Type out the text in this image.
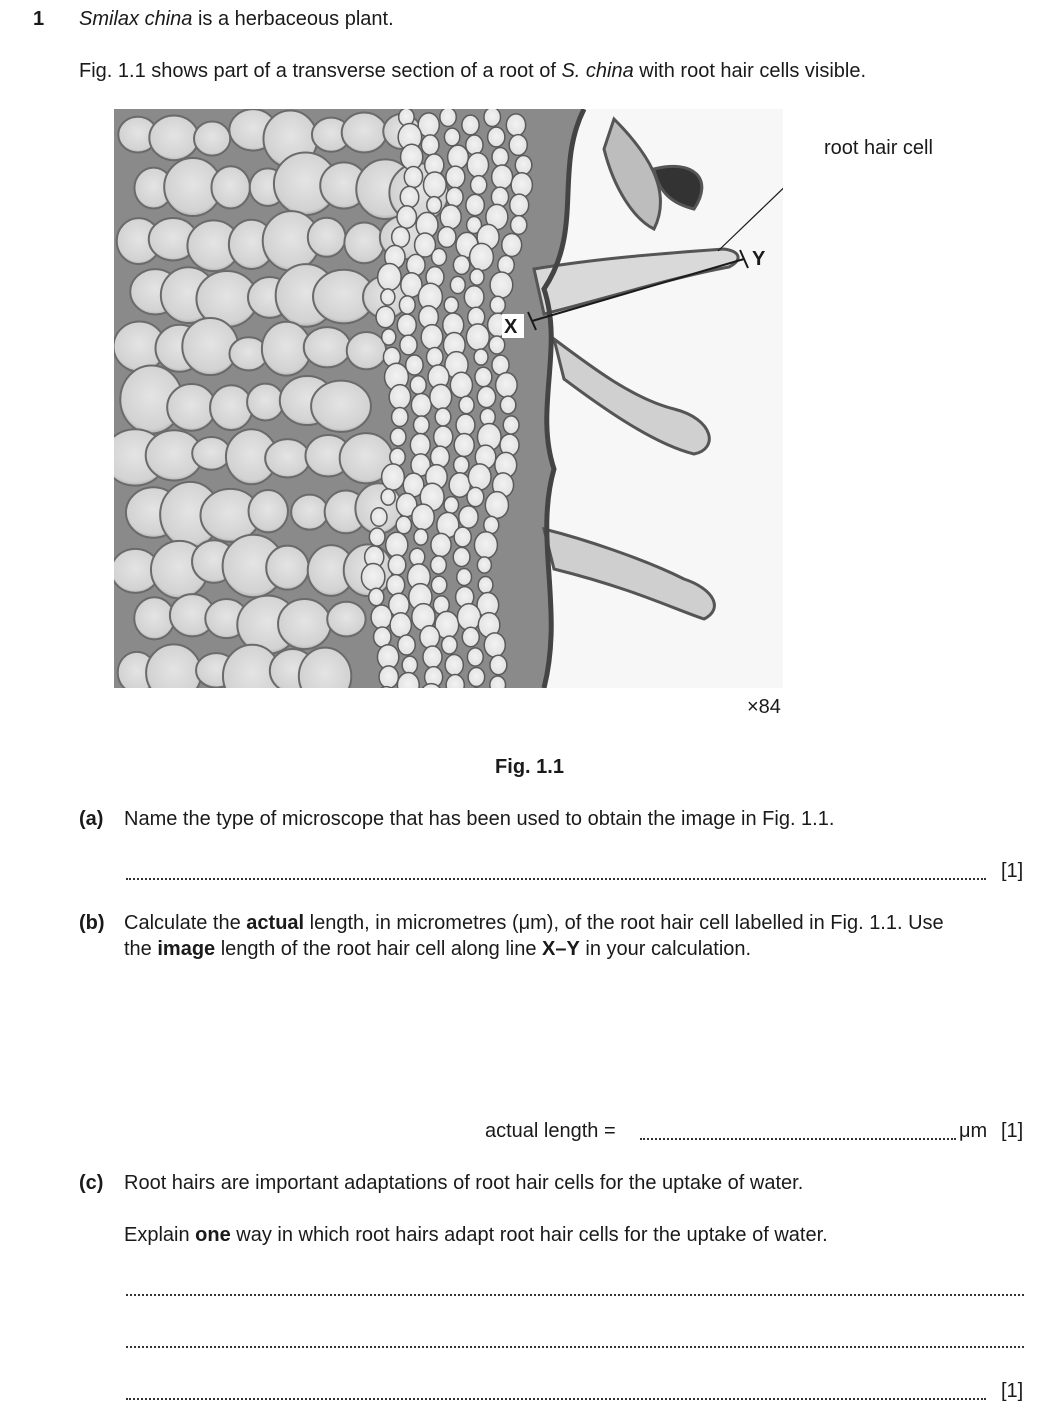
1 Smilax china is a herbaceous plant.
Fig. 1.1 shows part of a transverse section of a root of S. china with root hair cells visible.
root hair cell
X
Y
×84
Fig. 1.1
(a) Name the type of microscope that has been used to obtain the image in Fig. 1.1.
[1]
(b) Calculate the actual length, in micrometres (μm), of the root hair cell labelled in Fig. 1.1. Use
the image length of the root hair cell along line X–Y in your calculation.
actual length =	μm [1]
(c) Root hairs are important adaptations of root hair cells for the uptake of water.
Explain one way in which root hairs adapt root hair cells for the uptake of water.
[1]
